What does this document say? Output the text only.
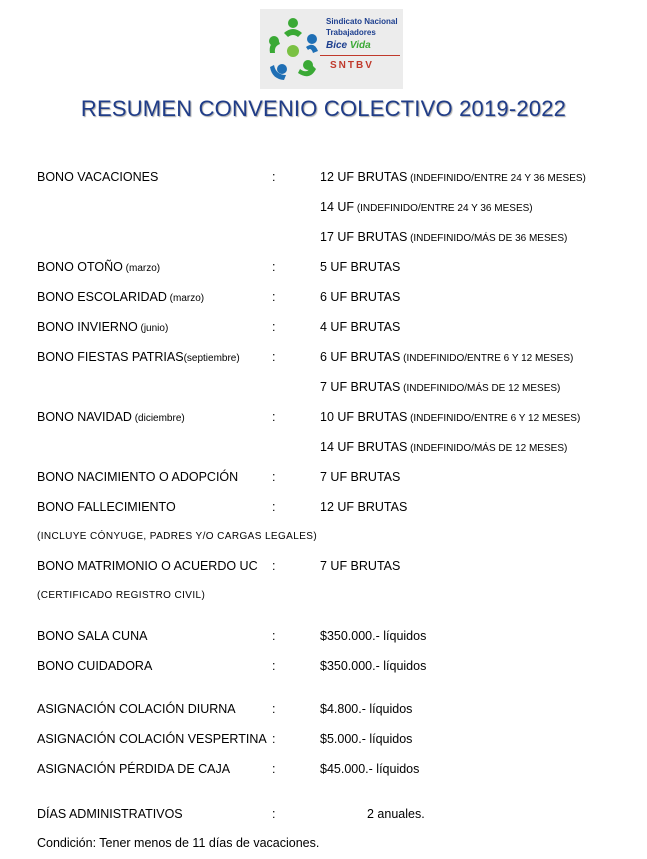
Sindicato Nacional
Trabajadores
Bice Vida
SNTBV
RESUMEN CONVENIO COLECTIVO 2019-2022
BONO VACACIONES	:	12 UF BRUTAS (INDEFINIDO/ENTRE 24 Y 36 MESES)
14 UF (INDEFINIDO/ENTRE 24 Y 36 MESES)
17 UF BRUTAS (INDEFINIDO/MÁS DE 36 MESES)
BONO OTOÑO (marzo)	:	5 UF BRUTAS
BONO ESCOLARIDAD (marzo)	:	6 UF BRUTAS
BONO INVIERNO (junio)	:	4 UF BRUTAS
BONO FIESTAS PATRIAS(septiembre)	:	6 UF BRUTAS (INDEFINIDO/ENTRE 6 Y 12 MESES)
7 UF BRUTAS (INDEFINIDO/MÁS DE 12 MESES)
BONO NAVIDAD (diciembre)	:	10 UF BRUTAS (INDEFINIDO/ENTRE 6 Y 12 MESES)
14 UF BRUTAS (INDEFINIDO/MÁS DE 12 MESES)
BONO NACIMIENTO O ADOPCIÓN	:	7 UF BRUTAS
BONO FALLECIMIENTO	:	12 UF BRUTAS
(INCLUYE CÓNYUGE, PADRES Y/O CARGAS LEGALES)
BONO MATRIMONIO O ACUERDO UC :	7 UF BRUTAS
(CERTIFICADO REGISTRO CIVIL)
BONO SALA CUNA	:	$350.000.- líquidos
BONO CUIDADORA	:	$350.000.- líquidos
ASIGNACIÓN COLACIÓN DIURNA	:	$4.800.- líquidos
ASIGNACIÓN COLACIÓN VESPERTINA :	$5.000.- líquidos
ASIGNACIÓN PÉRDIDA DE CAJA	:	$45.000.- líquidos
DÍAS ADMINISTRATIVOS	:	2 anuales.
Condición: Tener menos de 11 días de vacaciones.
